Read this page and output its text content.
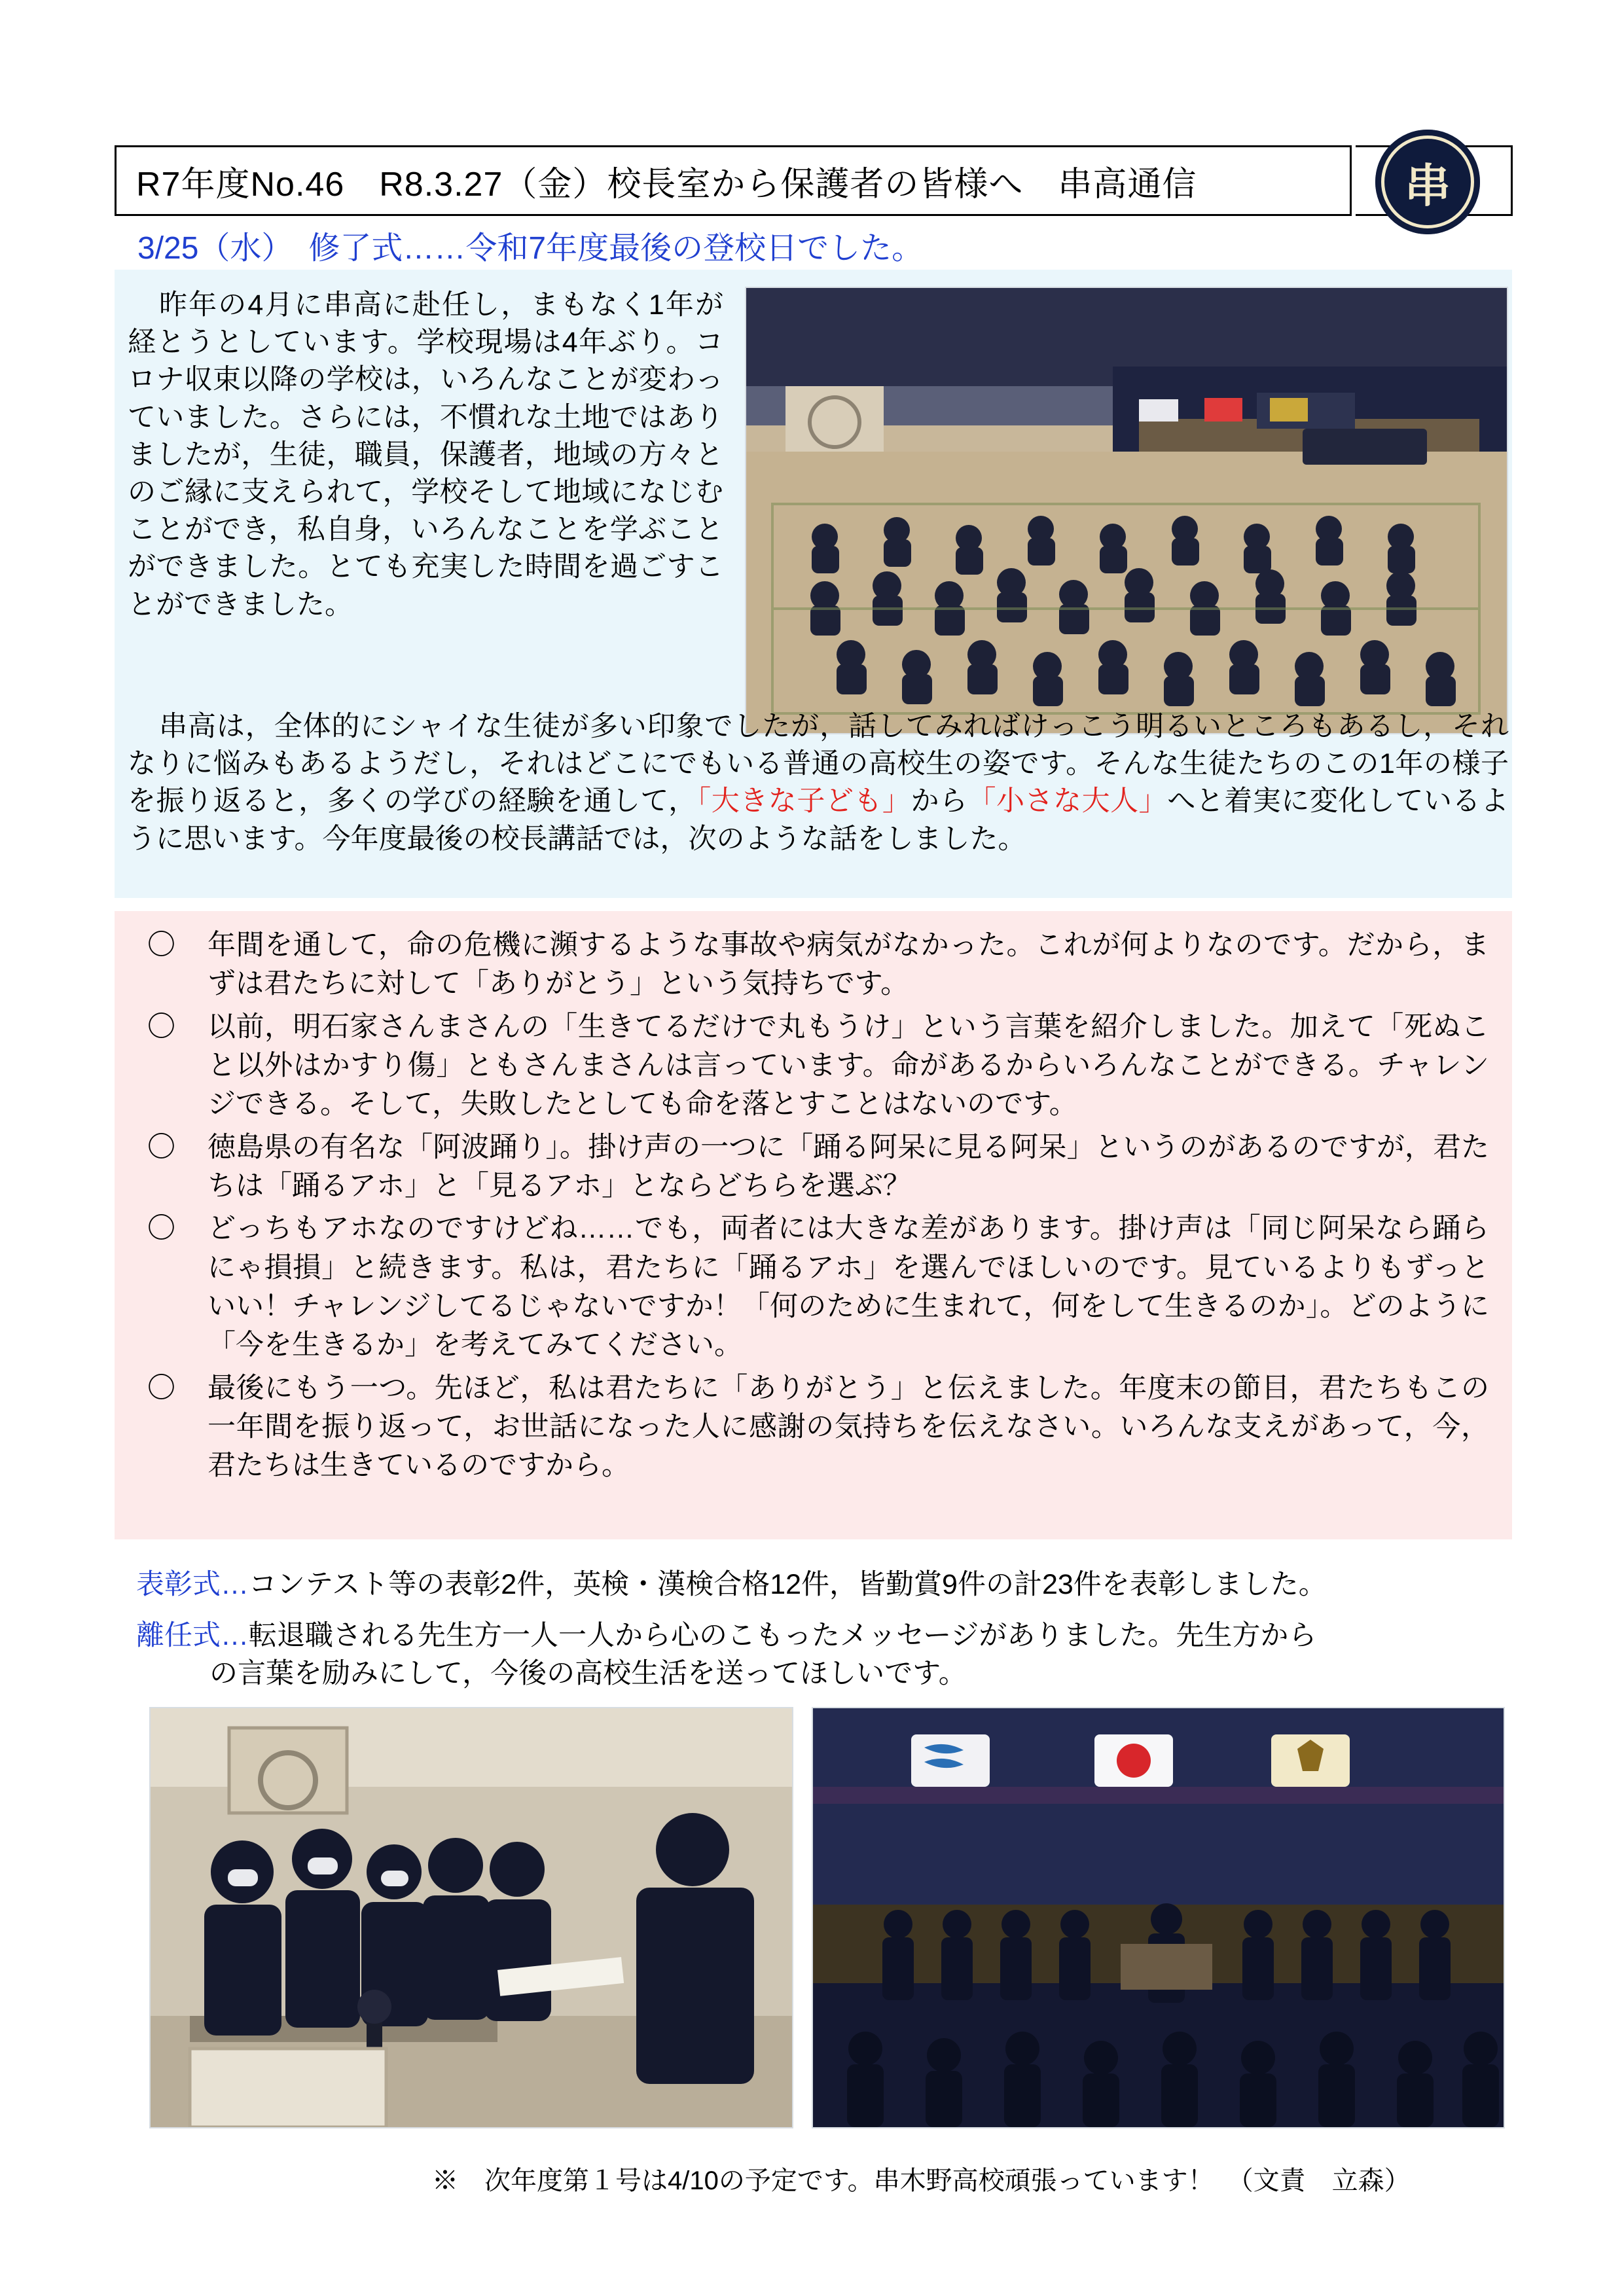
R7年度No.46　R8.3.27（金）校長室から保護者の皆様へ　串高通信	串
3/25（水）　修了式……令和7年度最後の登校日でした。
昨年の4月に串高に赴任し，まもなく1年が経とうとしています。学校現場は4年ぶり。コロナ収束以降の学校は，いろんなことが変わっていました。さらには，不慣れな土地ではありましたが，生徒，職員，保護者，地域の方々とのご縁に支えられて，学校そして地域になじむことができ，私自身，いろんなことを学ぶことができました。とても充実した時間を過ごすことができました。
串高は，全体的にシャイな生徒が多い印象でしたが，話してみればけっこう明るいところもあるし，それなりに悩みもあるようだし，それはどこにでもいる普通の高校生の姿です。そんな生徒たちのこの1年の様子を振り返ると，多くの学びの経験を通して，「大きな子ども」から「小さな大人」へと着実に変化しているように思います。今年度最後の校長講話では，次のような話をしました。
〇	年間を通して，命の危機に瀕するような事故や病気がなかった。これが何よりなのです。だから，まずは君たちに対して「ありがとう」という気持ちです。
〇	以前，明石家さんまさんの「生きてるだけで丸もうけ」という言葉を紹介しました。加えて「死ぬこと以外はかすり傷」ともさんまさんは言っています。命があるからいろんなことができる。チャレンジできる。そして，失敗したとしても命を落とすことはないのです。
〇	徳島県の有名な「阿波踊り」。掛け声の一つに「踊る阿呆に見る阿呆」というのがあるのですが，君たちは「踊るアホ」と「見るアホ」とならどちらを選ぶ？
〇	どっちもアホなのですけどね……でも，両者には大きな差があります。掛け声は「同じ阿呆なら踊らにゃ損損」と続きます。私は，君たちに「踊るアホ」を選んでほしいのです。見ているよりもずっといい！チャレンジしてるじゃないですか！「何のために生まれて，何をして生きるのか」。どのように「今を生きるか」を考えてみてください。
〇	最後にもう一つ。先ほど，私は君たちに「ありがとう」と伝えました。年度末の節目，君たちもこの一年間を振り返って，お世話になった人に感謝の気持ちを伝えなさい。いろんな支えがあって，今，君たちは生きているのですから。
表彰式…コンテスト等の表彰2件，英検・漢検合格12件，皆勤賞9件の計23件を表彰しました。
離任式…転退職される先生方一人一人から心のこもったメッセージがありました。先生方から
の言葉を励みにして，今後の高校生活を送ってほしいです。
※　次年度第１号は4/10の予定です。串木野高校頑張っています！　（文責　立森）
